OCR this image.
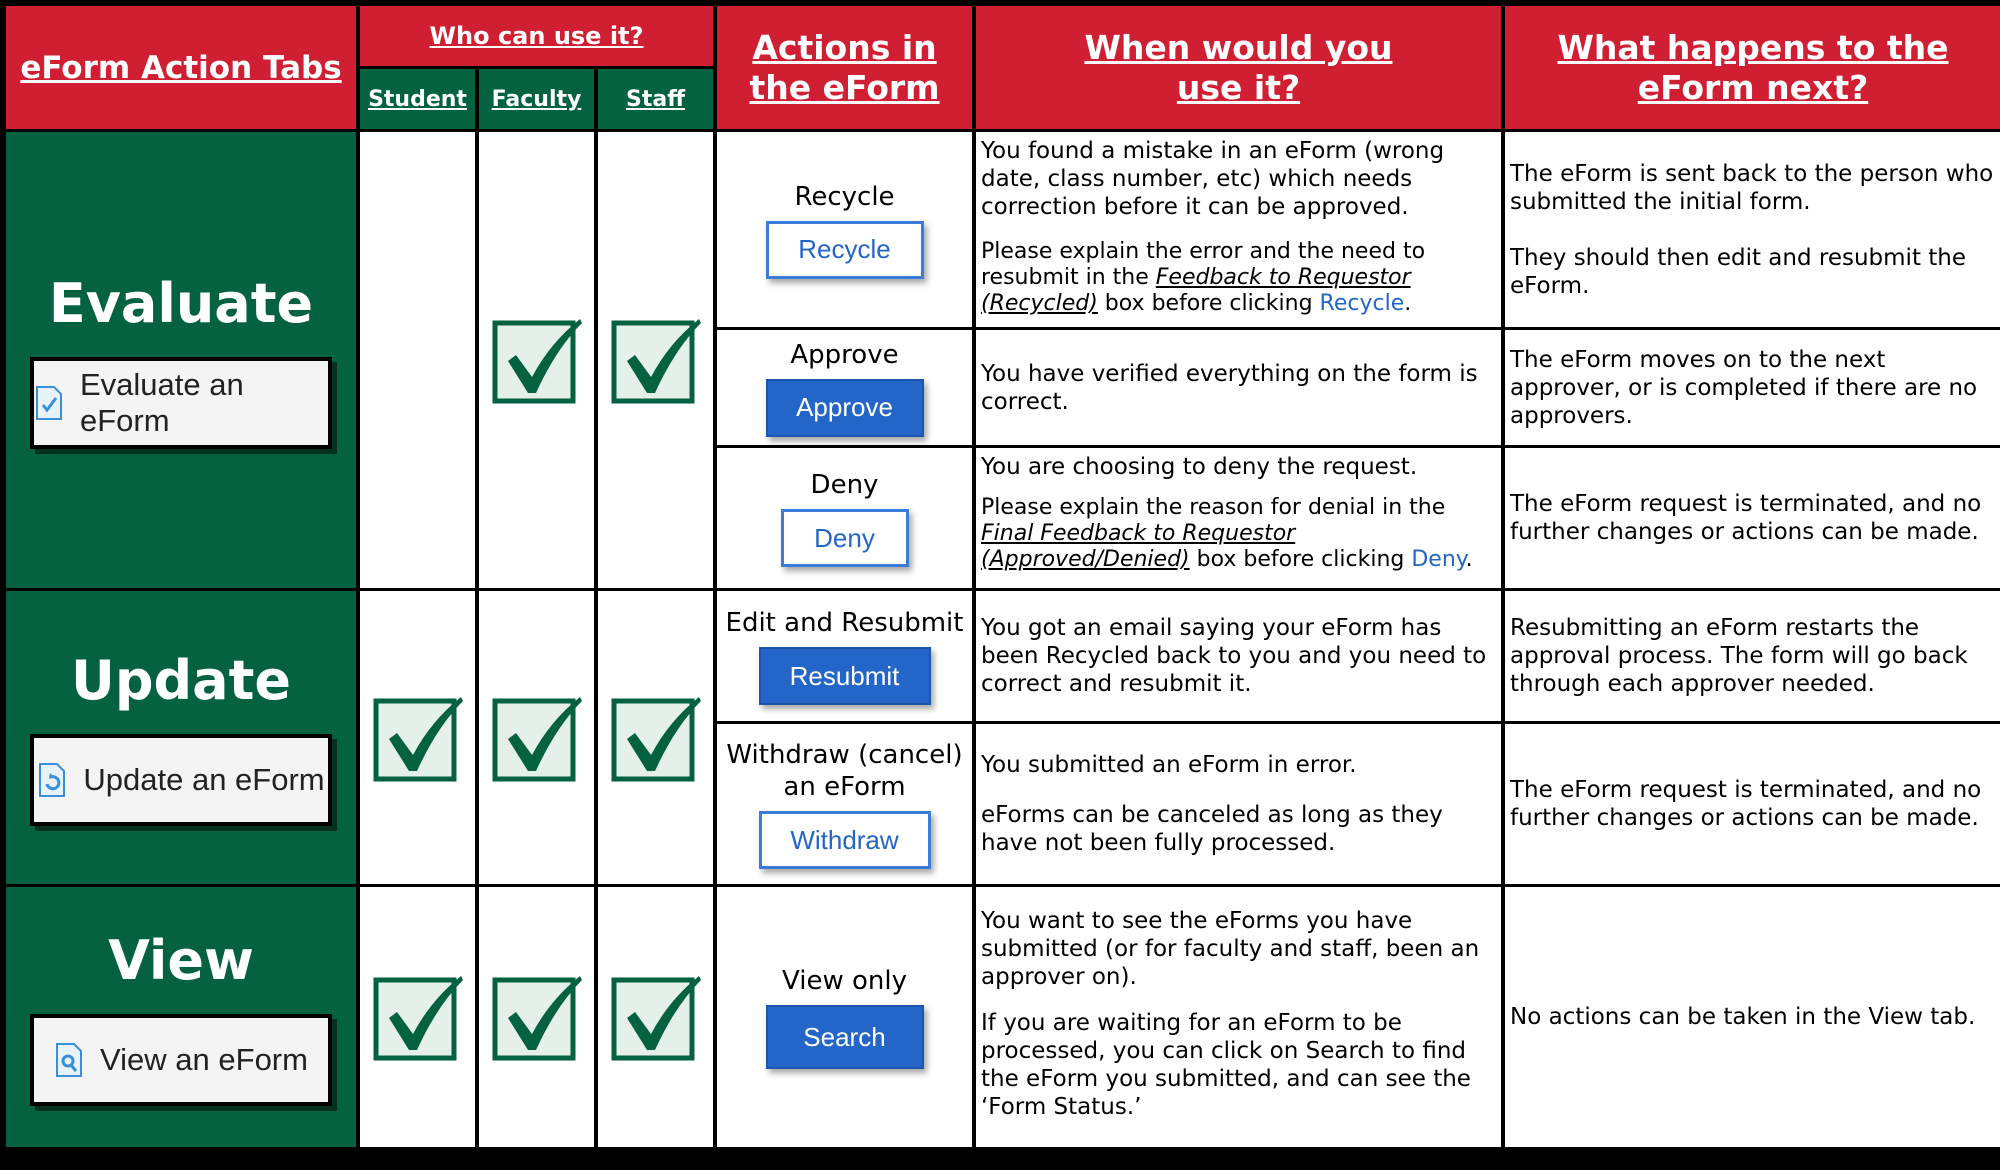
eForm Action Tabs
Who can use it?
Student Faculty Staff
Actions in the eForm
When would you use it?
What happens to the eForm next?
Evaluate
Evaluate an eForm
Recycle
Recycle

You found a mistake in an eForm (wrong date, class number, etc) which needs correction before it can be approved.

Please explain the error and the need to resubmit in the Feedback to Requestor (Recycled) box before clicking Recycle.

The eForm is sent back to the person who submitted the initial form.

They should then edit and resubmit the eForm.

Approve
Approve

You have verified everything on the form is correct.

The eForm moves on to the next approver, or is completed if there are no approvers.

Deny
Deny

You are choosing to deny the request.

Please explain the reason for denial in the Final Feedback to Requestor (Approved/Denied) box before clicking Deny.

The eForm request is terminated, and no further changes or actions can be made.

Update
Update an eForm
Edit and Resubmit
Resubmit

You got an email saying your eForm has been Recycled back to you and you need to correct and resubmit it.

Resubmitting an eForm restarts the approval process. The form will go back through each approver needed.

Withdraw (cancel) an eForm
Withdraw

You submitted an eForm in error.

eForms can be canceled as long as they have not been fully processed.

The eForm request is terminated, and no further changes or actions can be made.

View
View an eForm
View only
Search

You want to see the eForms you have submitted (or for faculty and staff, been an approver on).

If you are waiting for an eForm to be processed, you can click on Search to find the eForm you submitted, and can see the ‘Form Status.’

No actions can be taken in the View tab.
